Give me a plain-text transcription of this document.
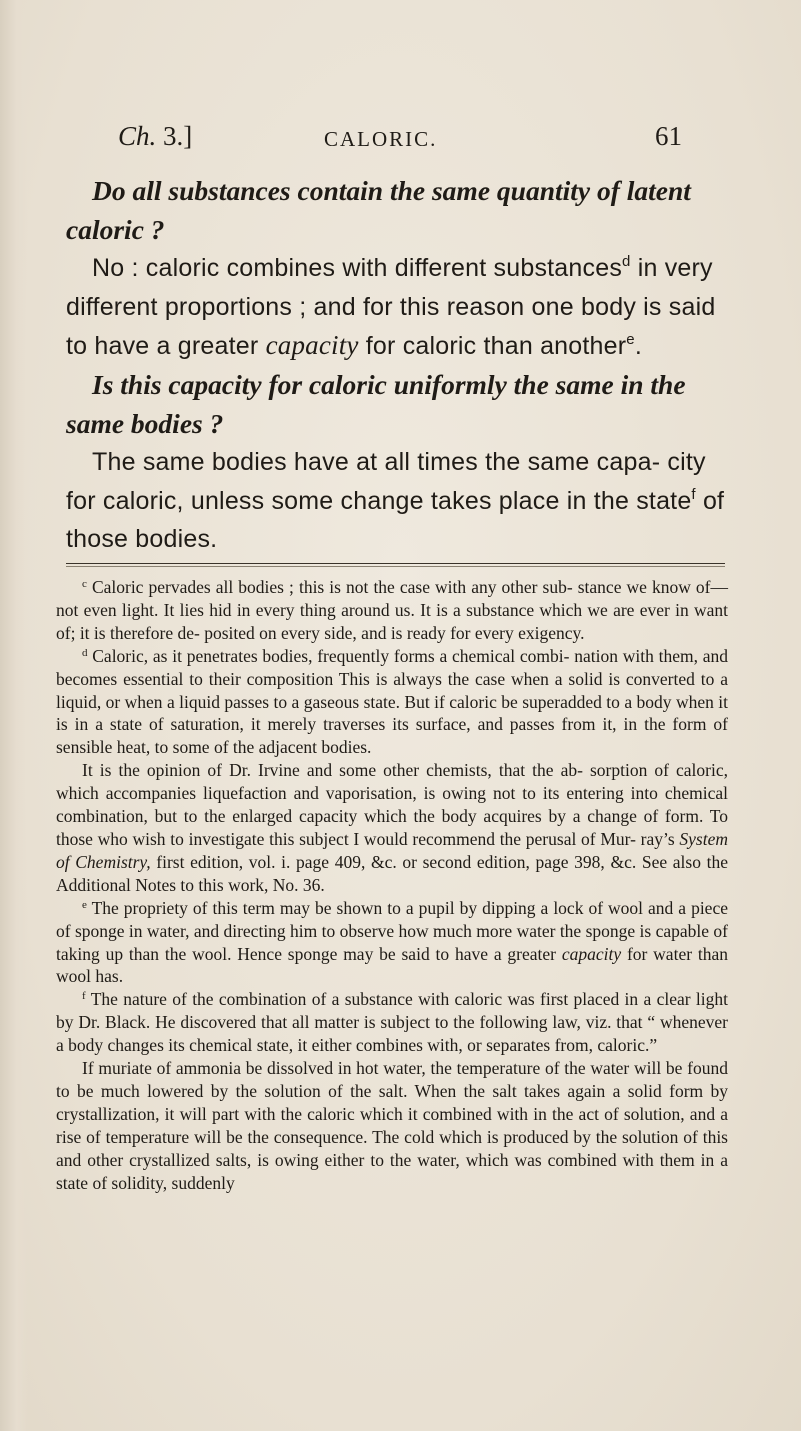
Ch. 3.]	CALORIC.	61

Do all substances contain the same quantity of latent caloric ?

No : caloric combines with different substances$^d$ in very different proportions ; and for this reason one body is said to have a greater capacity for caloric than another$^e$.

Is this capacity for caloric uniformly the same in the same bodies ?

The same bodies have at all times the same capa- city for caloric, unless some change takes place in the state$^f$ of those bodies.

$^c$ Caloric pervades all bodies ; this is not the case with any other sub- stance we know of—not even light. It lies hid in every thing around us. It is a substance which we are ever in want of; it is therefore de- posited on every side, and is ready for every exigency.

$^d$ Caloric, as it penetrates bodies, frequently forms a chemical combi- nation with them, and becomes essential to their composition This is always the case when a solid is converted to a liquid, or when a liquid passes to a gaseous state. But if caloric be superadded to a body when it is in a state of saturation, it merely traverses its surface, and passes from it, in the form of sensible heat, to some of the adjacent bodies.

It is the opinion of Dr. Irvine and some other chemists, that the ab- sorption of caloric, which accompanies liquefaction and vaporisation, is owing not to its entering into chemical combination, but to the enlarged capacity which the body acquires by a change of form. To those who wish to investigate this subject I would recommend the perusal of Mur- ray’s System of Chemistry, first edition, vol. i. page 409, &c. or second edition, page 398, &c. See also the Additional Notes to this work, No. 36.

$^e$ The propriety of this term may be shown to a pupil by dipping a lock of wool and a piece of sponge in water, and directing him to observe how much more water the sponge is capable of taking up than the wool. Hence sponge may be said to have a greater capacity for water than wool has.

$^f$ The nature of the combination of a substance with caloric was first placed in a clear light by Dr. Black. He discovered that all matter is subject to the following law, viz. that “ whenever a body changes its chemical state, it either combines with, or separates from, caloric.”

If muriate of ammonia be dissolved in hot water, the temperature of the water will be found to be much lowered by the solution of the salt. When the salt takes again a solid form by crystallization, it will part with the caloric which it combined with in the act of solution, and a rise of temperature will be the consequence. The cold which is produced by the solution of this and other crystallized salts, is owing either to the water, which was combined with them in a state of solidity, suddenly
